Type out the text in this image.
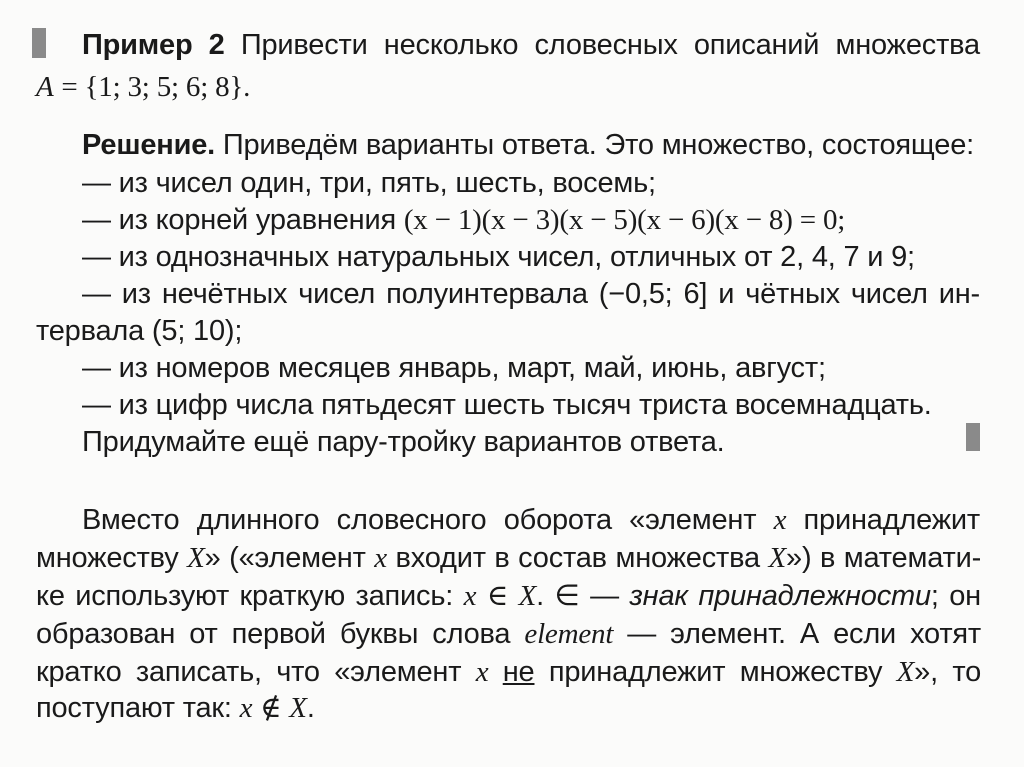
Пример 2 Привести несколько словесных описаний множества
A = {1; 3; 5; 6; 8}.
Решение. Приведём варианты ответа. Это множество, состоящее:
— из чисел один, три, пять, шесть, восемь;
— из корней уравнения (x − 1)(x − 3)(x − 5)(x − 6)(x − 8) = 0;
— из однозначных натуральных чисел, отличных от 2, 4, 7 и 9;
— из нечётных чисел полуинтервала (−0,5; 6] и чётных чисел ин-
тервала (5; 10);
— из номеров месяцев январь, март, май, июнь, август;
— из цифр числа пятьдесят шесть тысяч триста восемнадцать.
Придумайте ещё пару-тройку вариантов ответа.
Вместо длинного словесного оборота «элемент x принадлежит
множеству X» («элемент x входит в состав множества X») в математи-
ке используют краткую запись: x ∈ X. ∈ — знак принадлежности; он
образован от первой буквы слова element — элемент. А если хотят
кратко записать, что «элемент x не принадлежит множеству X», то
поступают так: x ∉ X.
